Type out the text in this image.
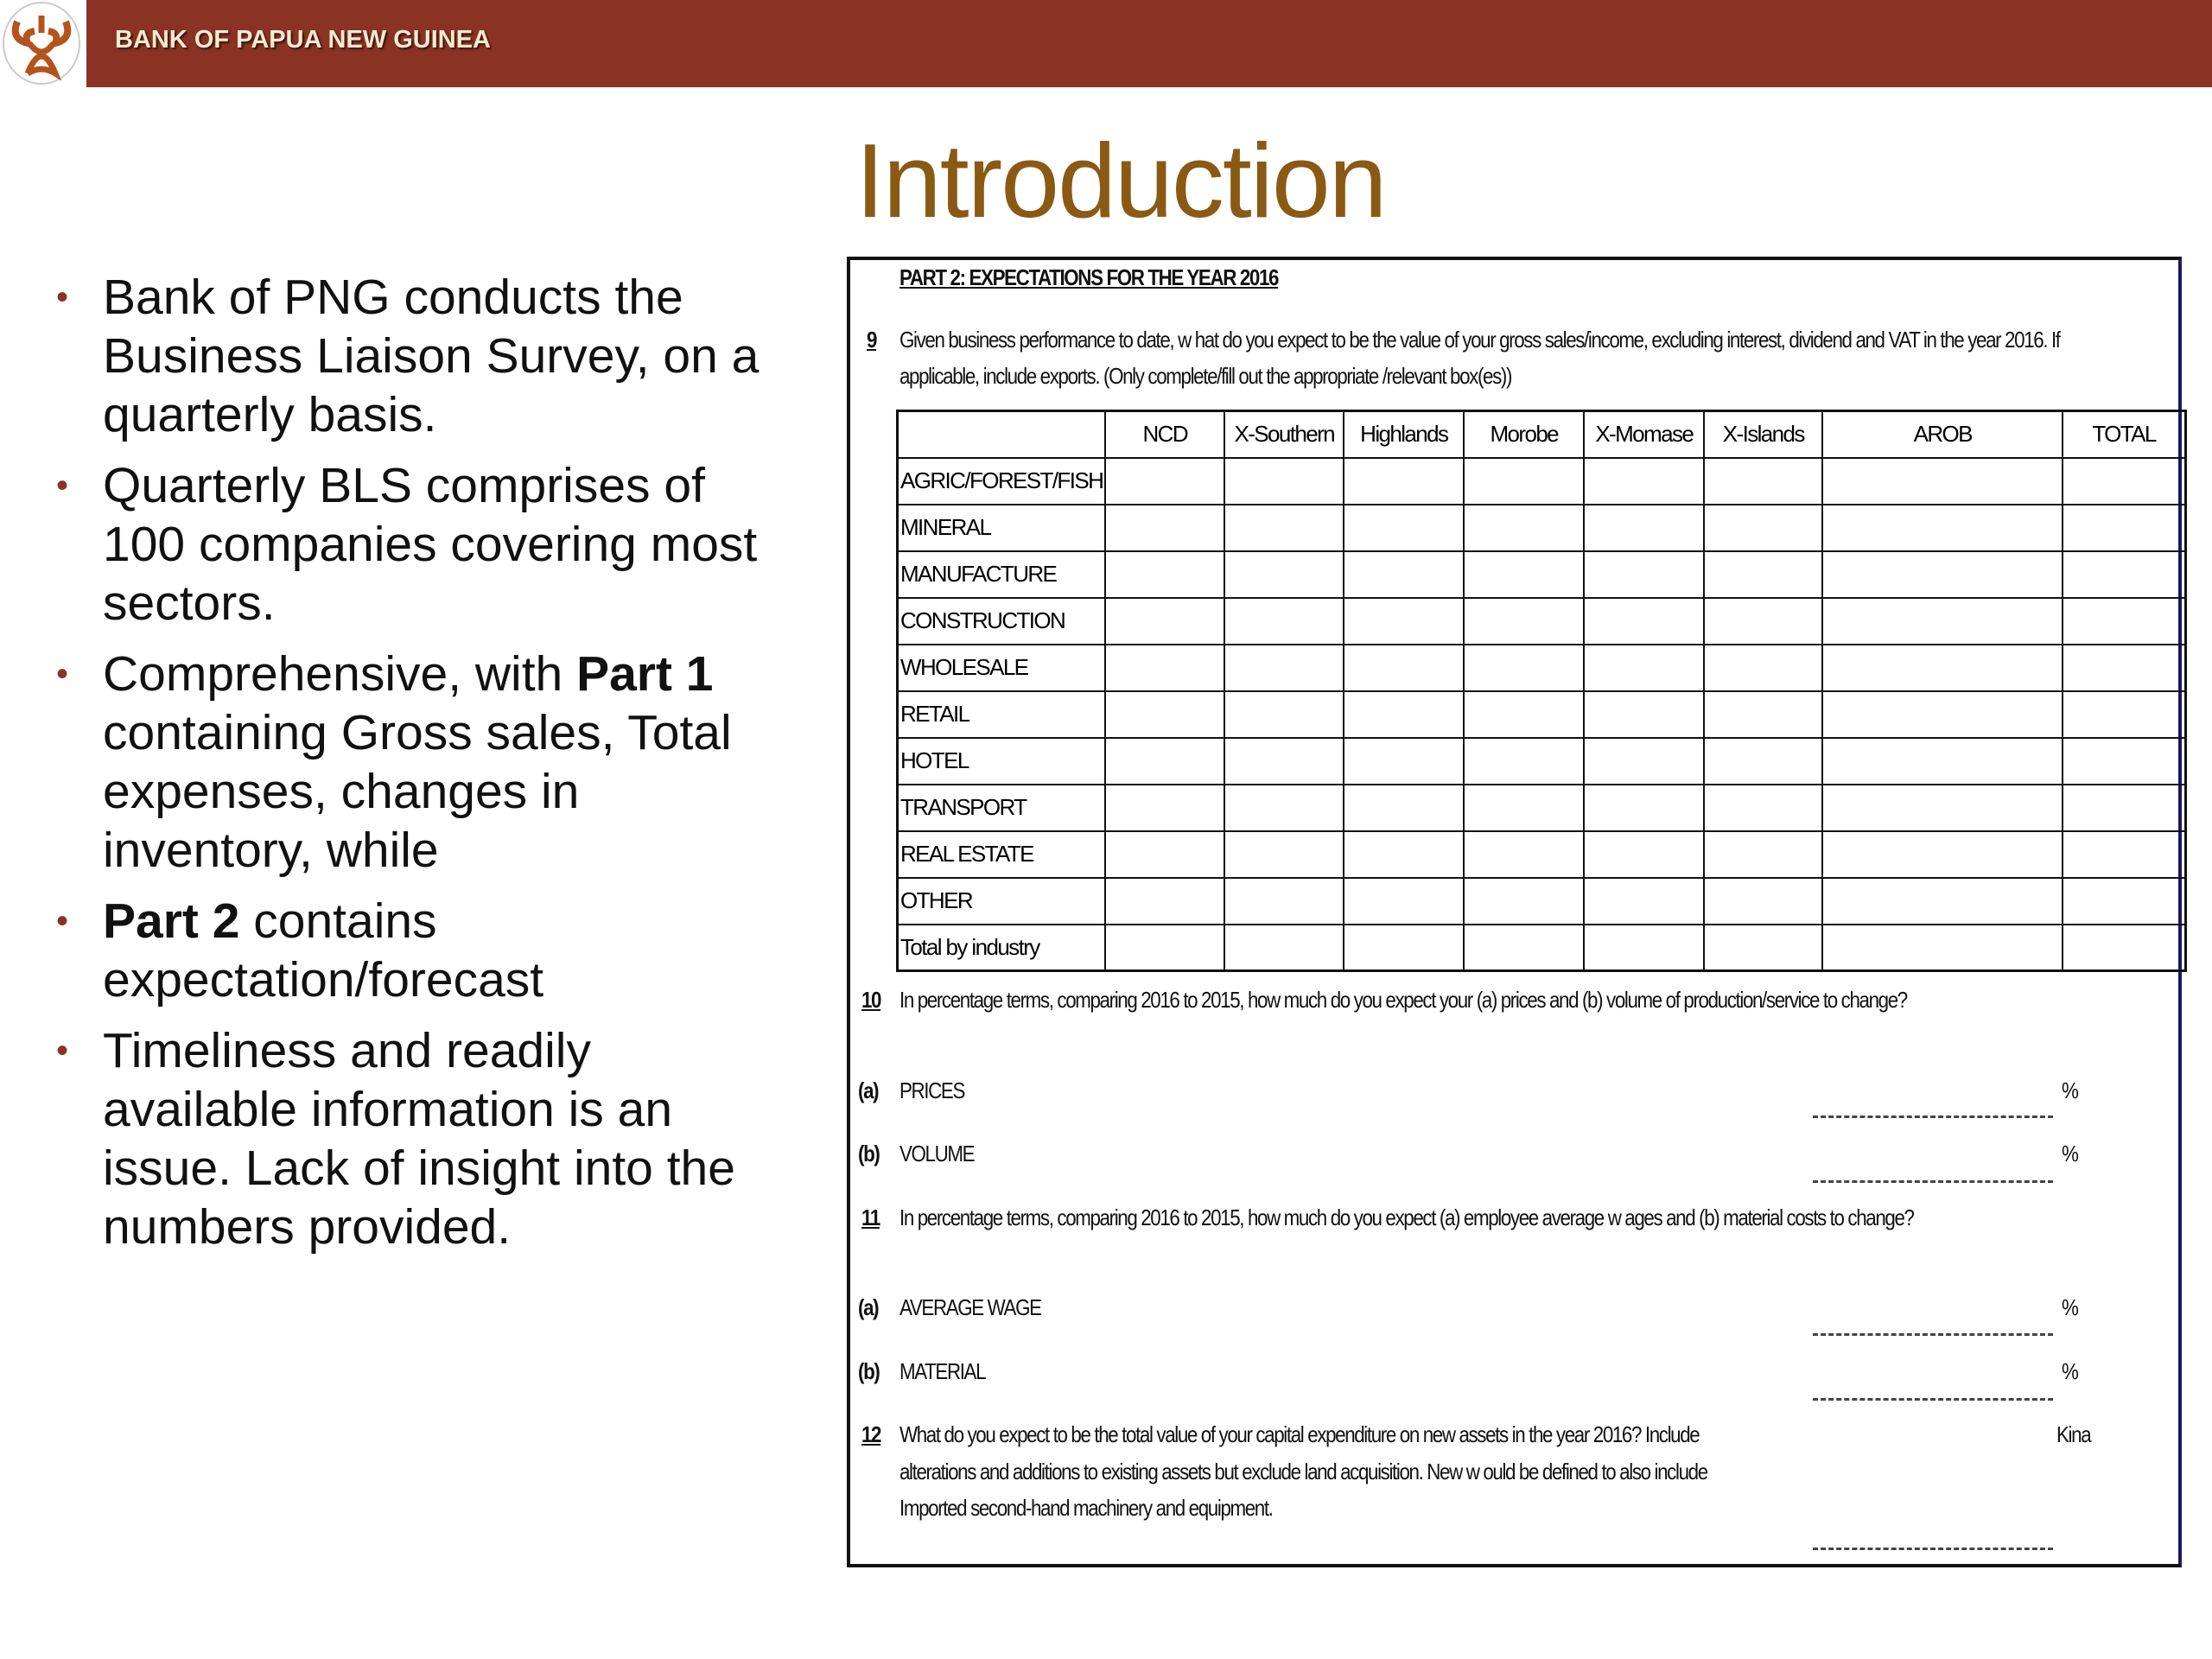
BANK OF PAPUA NEW GUINEA
Introduction
• Bank of PNG conducts the Business Liaison Survey, on a quarterly basis.
• Quarterly BLS comprises of 100 companies covering most sectors.
• Comprehensive, with Part 1 containing Gross sales, Total expenses, changes in inventory, while
• Part 2 contains expectation/forecast
• Timeliness and readily available information is an issue. Lack of insight into the numbers provided.
PART 2: EXPECTATIONS FOR THE YEAR 2016
9 Given business performance to date, w hat do you expect to be the value of your gross sales/income, excluding interest, dividend and VAT in the year 2016. If
applicable, include exports. (Only complete/fill out the appropriate /relevant box(es))
	NCD	X-Southern	Highlands	Morobe	X-Momase	X-Islands	AROB	TOTAL
AGRIC/FOREST/FISH								
MINERAL								
MANUFACTURE								
CONSTRUCTION								
WHOLESALE								
RETAIL								
HOTEL								
TRANSPORT								
REAL ESTATE								
OTHER								
Total by industry								
10 In percentage terms, comparing 2016 to 2015, how much do you expect your (a) prices and (b) volume of production/service to change?
(a) PRICES	%
(b) VOLUME	%
11 In percentage terms, comparing 2016 to 2015, how much do you expect (a) employee average w ages and (b) material costs to change?
(a) AVERAGE WAGE	%
(b) MATERIAL	%
12 What do you expect to be the total value of your capital expenditure on new assets in the year 2016? Include
alterations and additions to existing assets but exclude land acquisition. New w ould be defined to also include
Imported second-hand machinery and equipment.
Kina
